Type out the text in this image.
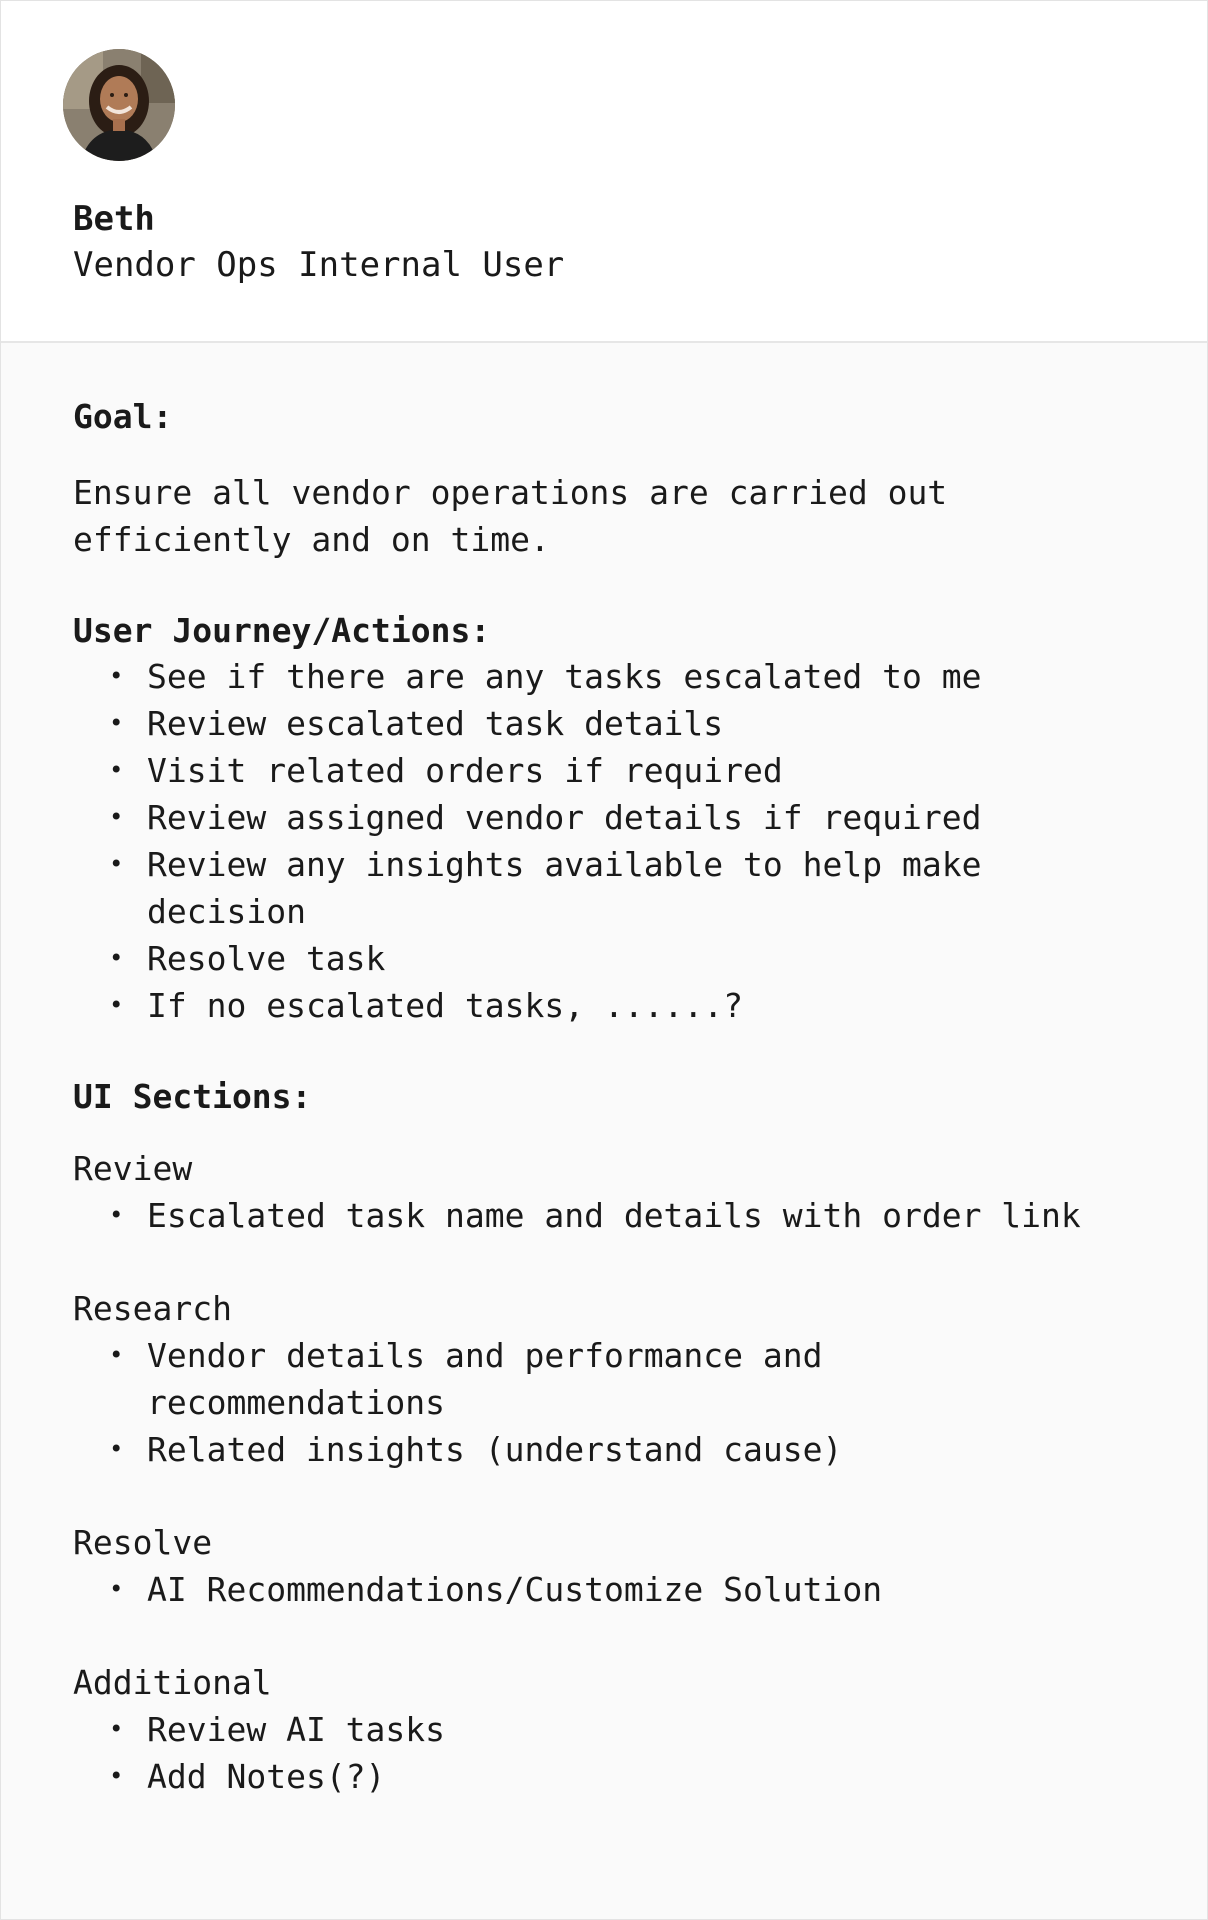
Beth
Vendor Ops Internal User
Goal:

Ensure all vendor operations are carried out efficiently and on time.

User Journey/Actions:
• See if there are any tasks escalated to me
• Review escalated task details
• Visit related orders if required
• Review assigned vendor details if required
• Review any insights available to help make decision
• Resolve task
• If no escalated tasks, ......?
UI Sections:
Review
• Escalated task name and details with order link
Research
• Vendor details and performance and recommendations
• Related insights (understand cause)
Resolve
• AI Recommendations/Customize Solution
Additional
• Review AI tasks
• Add Notes(?)
